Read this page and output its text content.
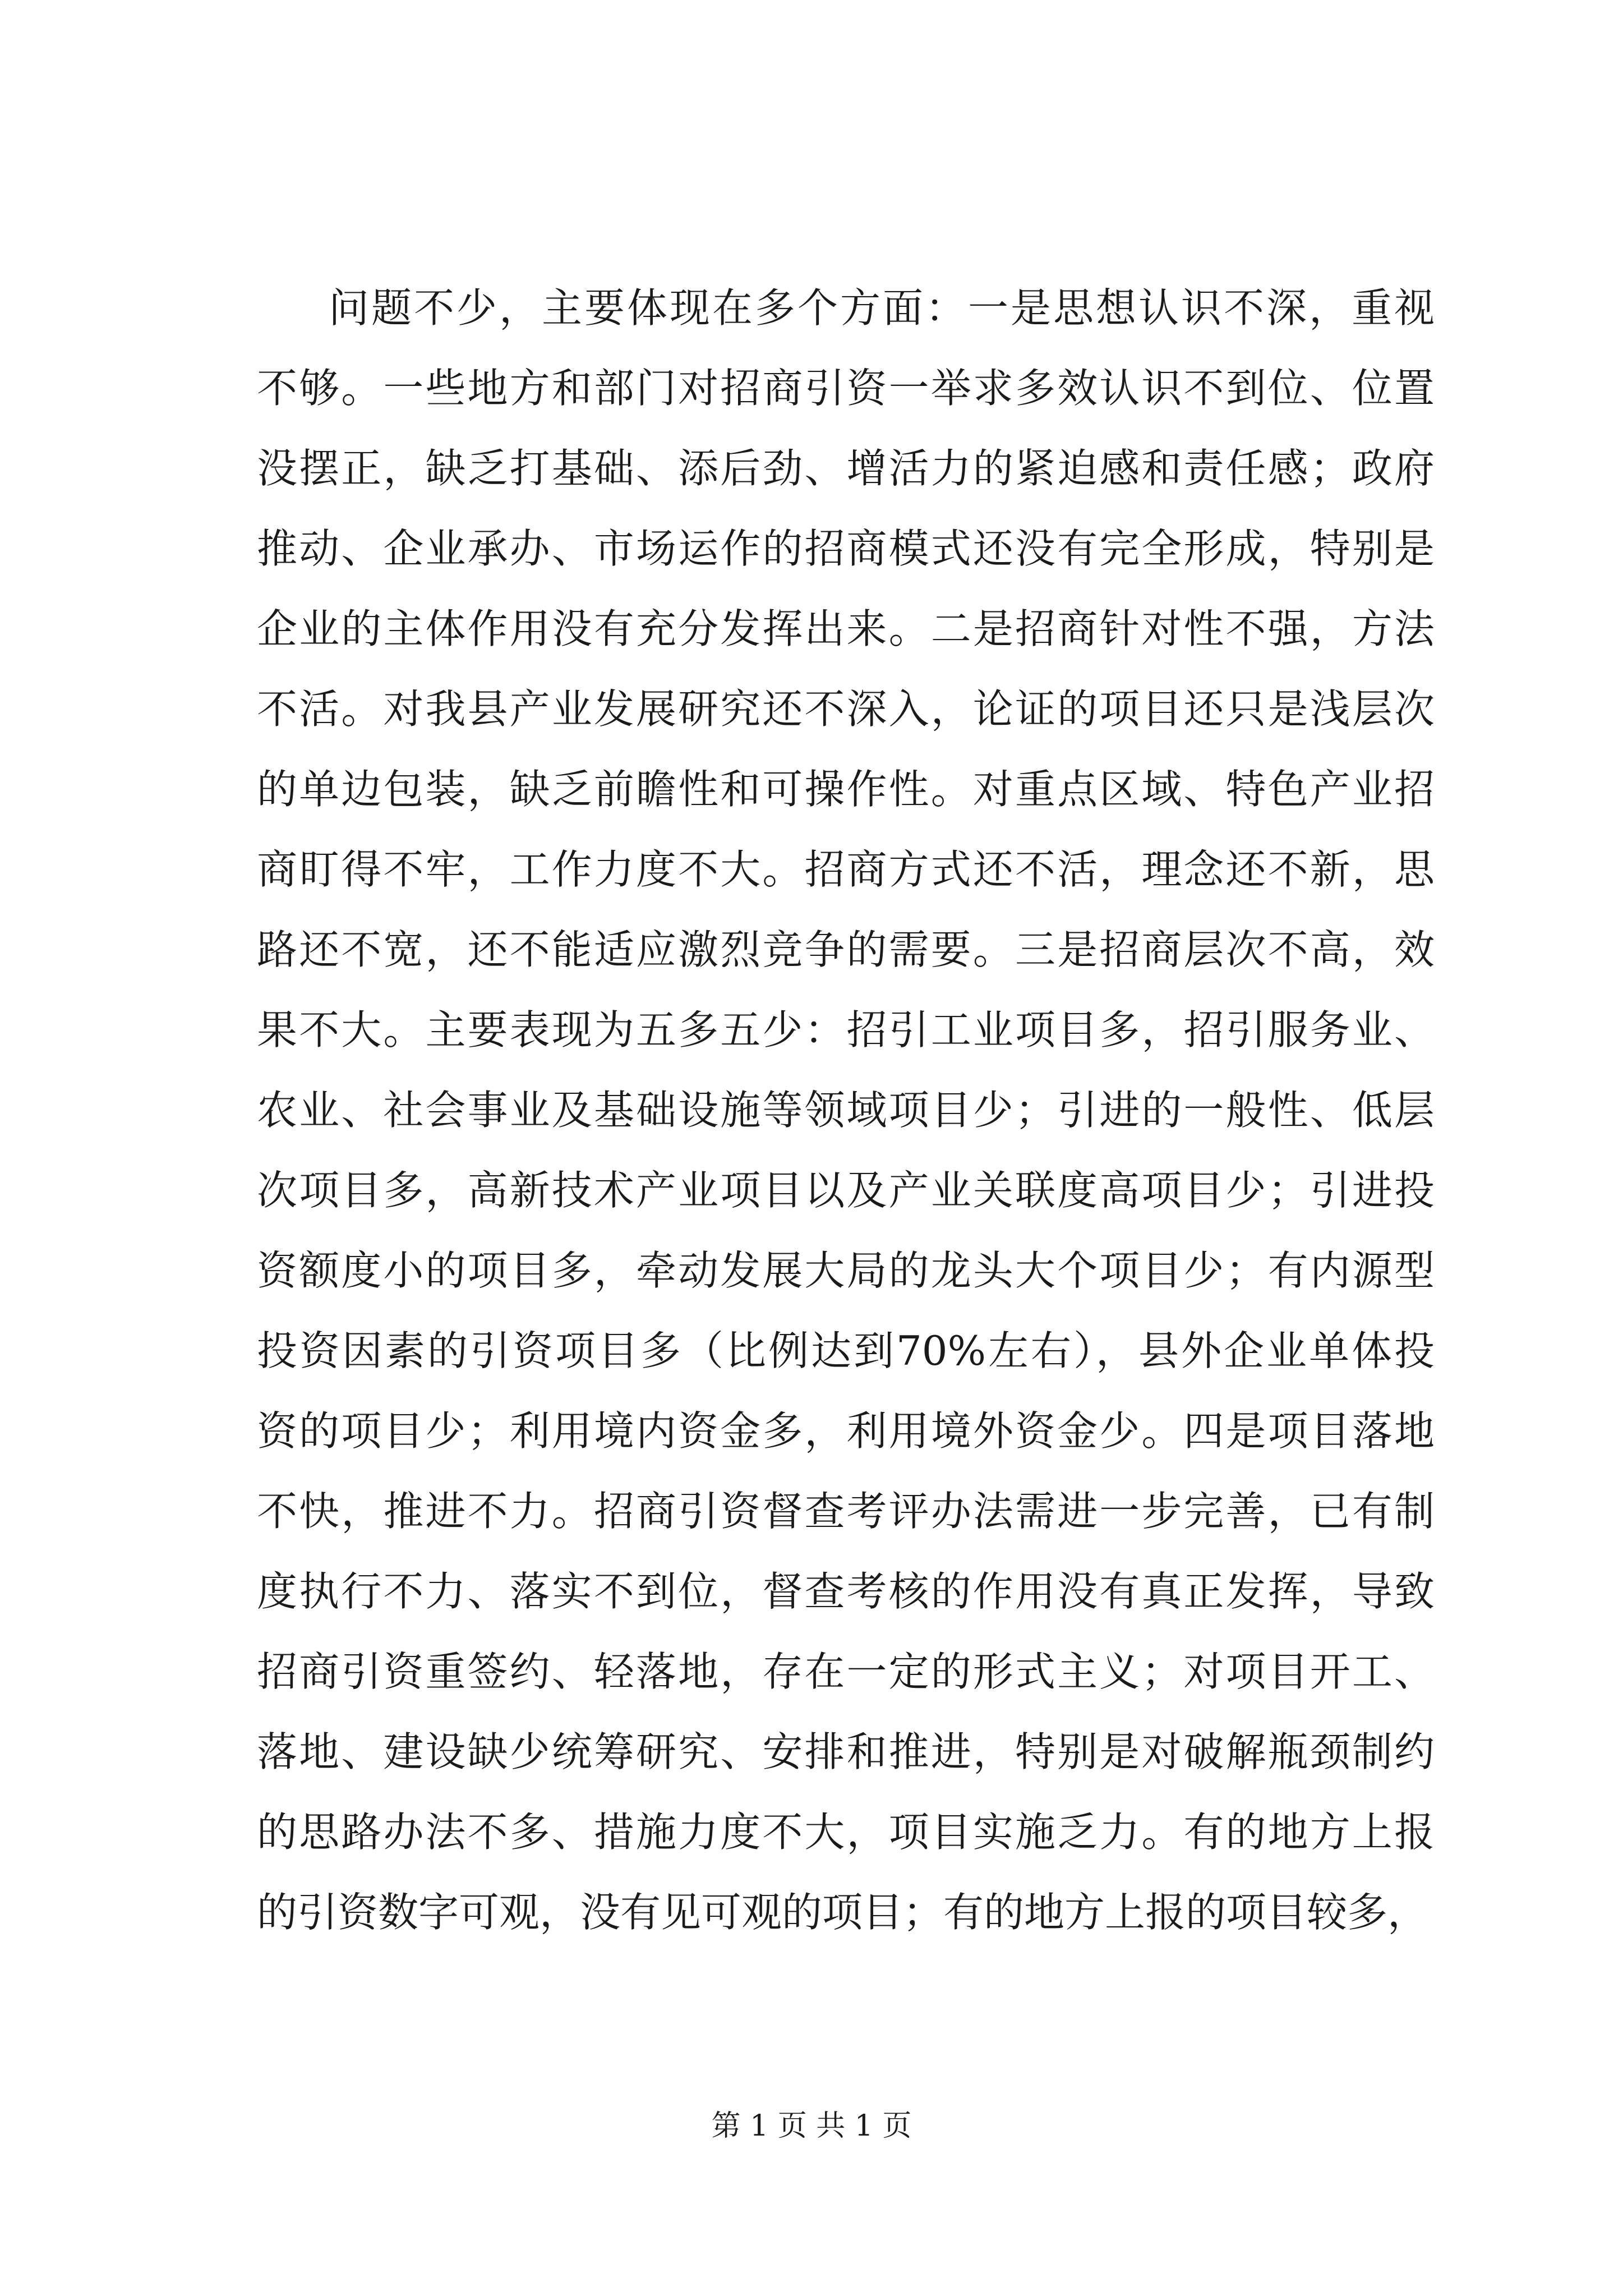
问题不少，主要体现在多个方面：一是思想认识不深，重视
不够。一些地方和部门对招商引资一举求多效认识不到位、位置
没摆正，缺乏打基础、添后劲、增活力的紧迫感和责任感；政府
推动、企业承办、市场运作的招商模式还没有完全形成，特别是
企业的主体作用没有充分发挥出来。二是招商针对性不强，方法
不活。对我县产业发展研究还不深入，论证的项目还只是浅层次
的单边包装，缺乏前瞻性和可操作性。对重点区域、特色产业招
商盯得不牢，工作力度不大。招商方式还不活，理念还不新，思
路还不宽，还不能适应激烈竞争的需要。三是招商层次不高，效
果不大。主要表现为五多五少：招引工业项目多，招引服务业、
农业、社会事业及基础设施等领域项目少；引进的一般性、低层
次项目多，高新技术产业项目以及产业关联度高项目少；引进投
资额度小的项目多，牵动发展大局的龙头大个项目少；有内源型
投资因素的引资项目多（比例达到70%左右），县外企业单体投
资的项目少；利用境内资金多，利用境外资金少。四是项目落地
不快，推进不力。招商引资督查考评办法需进一步完善，已有制
度执行不力、落实不到位，督查考核的作用没有真正发挥，导致
招商引资重签约、轻落地，存在一定的形式主义；对项目开工、
落地、建设缺少统筹研究、安排和推进，特别是对破解瓶颈制约
的思路办法不多、措施力度不大，项目实施乏力。有的地方上报
的引资数字可观，没有见可观的项目；有的地方上报的项目较多，
第 1 页 共 1 页
